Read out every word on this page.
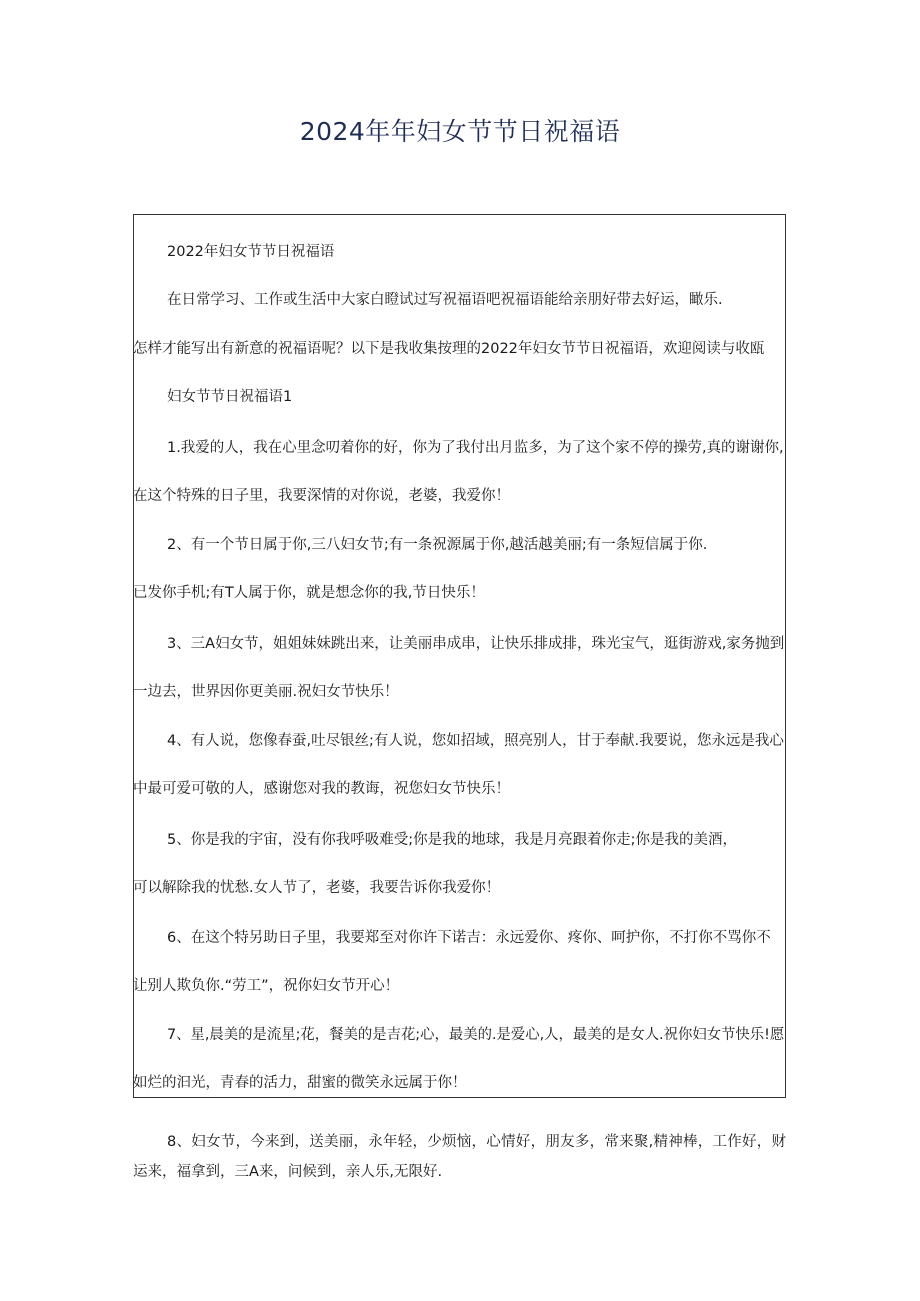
2024年年妇女节节日祝福语
2022年妇女节节日祝福语
在日常学习、工作或生活中大家白瞪试过写祝福语吧祝福语能给亲朋好带去好运，瞰乐.
怎样才能写出有新意的祝福语呢？以下是我收集按理的2022年妇女节节日祝福语，欢迎阅读与收瓯
妇女节节日祝福语1
1.我爱的人，我在心里念叨着你的好，你为了我付出月监多，为了这个家不停的操劳,真的谢谢你,
在这个特殊的日子里，我要深情的对你说，老婆，我爱你！
2、有一个节日属于你,三八妇女节;有一条祝源属于你,越活越美丽;有一条短信属于你.
已发你手机;有T人属于你，就是想念你的我,节日快乐！
3、三A妇女节，姐姐妹妹跳出来，让美丽串成串，让快乐排成排，珠光宝气，逛街游戏,家务抛到
一边去，世界因你更美丽.祝妇女节快乐！
4、有人说，您像春蚕,吐尽银丝;有人说，您如招域，照亮别人，甘于奉献.我要说，您永远是我心
中最可爱可敬的人，感谢您对我的教诲，祝您妇女节快乐！
5、你是我的宇宙，没有你我呼吸难受;你是我的地球，我是月亮跟着你走;你是我的美酒，
可以解除我的忧愁.女人节了，老婆，我要告诉你我爱你！
6、在这个特另助日子里，我要郑至对你许下诺吉：永远爱你、疼你、呵护你，不打你不骂你不
让别人欺负你.“劳工”，祝你妇女节开心！
7、星,晨美的是流星;花，餐美的是吉花;心，最美的.是爱心,人，最美的是女人.祝你妇女节快乐!愿
如烂的汩光，青春的活力，甜蜜的微笑永远属于你！
8、妇女节，今来到，送美丽，永年轻，少烦恼，心情好，朋友多，常来聚,精神棒，工作好，财运来，福拿到，三A来，问候到，亲人乐,无限好.
